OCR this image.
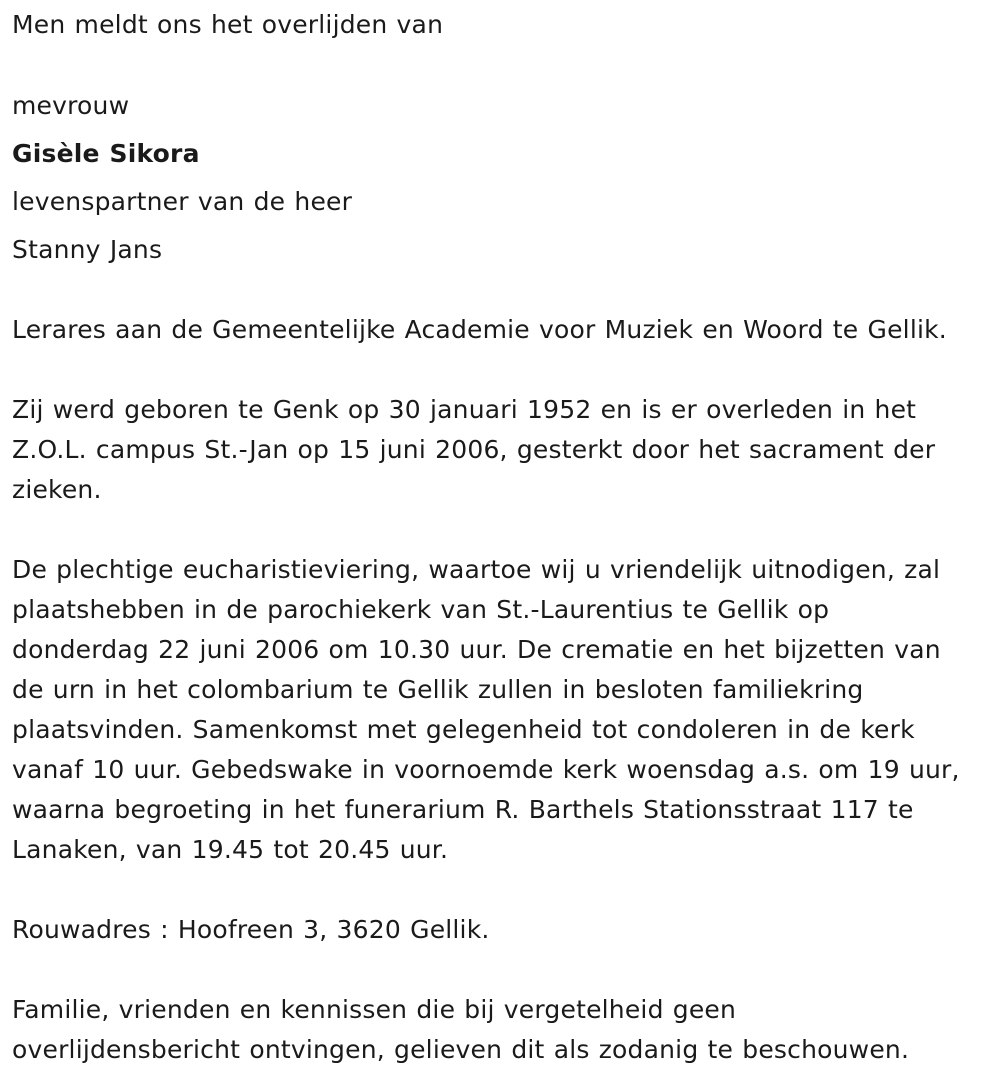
Men meldt ons het overlijden van

mevrouw

Gisèle Sikora

levenspartner van de heer

Stanny Jans

Lerares aan de Gemeentelijke Academie voor Muziek en Woord te Gellik.

Zij werd geboren te Genk op 30 januari 1952 en is er overleden in het

Z.O.L. campus St.-Jan op 15 juni 2006, gesterkt door het sacrament der

zieken.

De plechtige eucharistieviering, waartoe wij u vriendelijk uitnodigen, zal

plaatshebben in de parochiekerk van St.-Laurentius te Gellik op

donderdag 22 juni 2006 om 10.30 uur. De crematie en het bijzetten van

de urn in het colombarium te Gellik zullen in besloten familiekring

plaatsvinden. Samenkomst met gelegenheid tot condoleren in de kerk

vanaf 10 uur. Gebedswake in voornoemde kerk woensdag a.s. om 19 uur,

waarna begroeting in het funerarium R. Barthels Stationsstraat 117 te

Lanaken, van 19.45 tot 20.45 uur.

Rouwadres : Hoofreen 3, 3620 Gellik.

Familie, vrienden en kennissen die bij vergetelheid geen

overlijdensbericht ontvingen, gelieven dit als zodanig te beschouwen.
